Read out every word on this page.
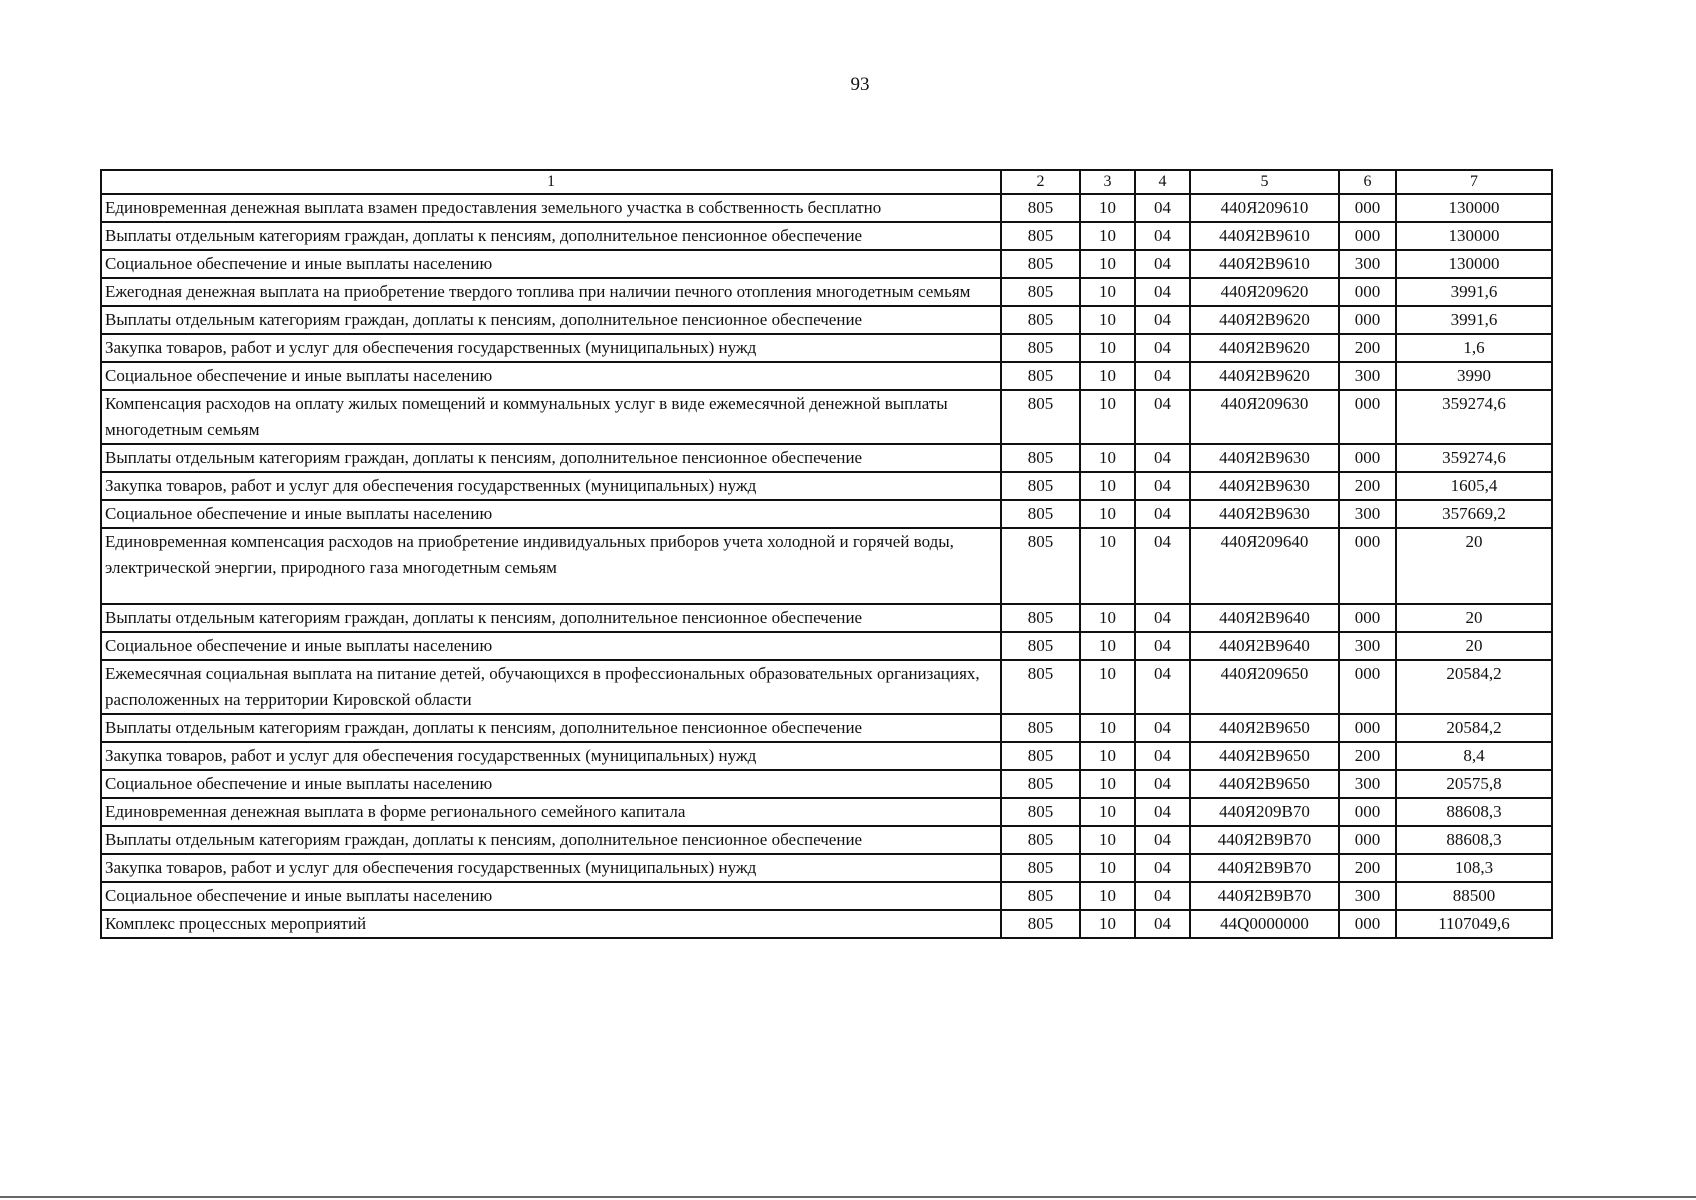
93
1	2	3	4	5	6	7
Единовременная денежная выплата взамен предоставления земельного участка в собственность бесплатно	805	10	04	440Я209610	000	130000
Выплаты отдельным категориям граждан, доплаты к пенсиям, дополнительное пенсионное обеспечение	805	10	04	440Я2В9610	000	130000
Социальное обеспечение и иные выплаты населению	805	10	04	440Я2В9610	300	130000
Ежегодная денежная выплата на приобретение твердого топлива при наличии печного отопления многодетным семьям	805	10	04	440Я209620	000	3991,6
Выплаты отдельным категориям граждан, доплаты к пенсиям, дополнительное пенсионное обеспечение	805	10	04	440Я2В9620	000	3991,6
Закупка товаров, работ и услуг для обеспечения государственных (муниципальных) нужд	805	10	04	440Я2В9620	200	1,6
Социальное обеспечение и иные выплаты населению	805	10	04	440Я2В9620	300	3990
Компенсация расходов на оплату жилых помещений и коммунальных услуг в виде ежемесячной денежной выплаты многодетным семьям	805	10	04	440Я209630	000	359274,6
Выплаты отдельным категориям граждан, доплаты к пенсиям, дополнительное пенсионное обеспечение	805	10	04	440Я2В9630	000	359274,6
Закупка товаров, работ и услуг для обеспечения государственных (муниципальных) нужд	805	10	04	440Я2В9630	200	1605,4
Социальное обеспечение и иные выплаты населению	805	10	04	440Я2В9630	300	357669,2
Единовременная компенсация расходов на приобретение индивидуальных приборов учета холодной и горячей воды, электрической энергии, природного газа многодетным семьям	805	10	04	440Я209640	000	20
Выплаты отдельным категориям граждан, доплаты к пенсиям, дополнительное пенсионное обеспечение	805	10	04	440Я2В9640	000	20
Социальное обеспечение и иные выплаты населению	805	10	04	440Я2В9640	300	20
Ежемесячная социальная выплата на питание детей, обучающихся в профессиональных образовательных организациях, расположенных на территории Кировской области	805	10	04	440Я209650	000	20584,2
Выплаты отдельным категориям граждан, доплаты к пенсиям, дополнительное пенсионное обеспечение	805	10	04	440Я2В9650	000	20584,2
Закупка товаров, работ и услуг для обеспечения государственных (муниципальных) нужд	805	10	04	440Я2В9650	200	8,4
Социальное обеспечение и иные выплаты населению	805	10	04	440Я2В9650	300	20575,8
Единовременная денежная выплата в форме регионального семейного капитала	805	10	04	440Я209В70	000	88608,3
Выплаты отдельным категориям граждан, доплаты к пенсиям, дополнительное пенсионное обеспечение	805	10	04	440Я2В9В70	000	88608,3
Закупка товаров, работ и услуг для обеспечения государственных (муниципальных) нужд	805	10	04	440Я2В9В70	200	108,3
Социальное обеспечение и иные выплаты населению	805	10	04	440Я2В9В70	300	88500
Комплекс процессных мероприятий	805	10	04	44Q0000000	000	1107049,6
